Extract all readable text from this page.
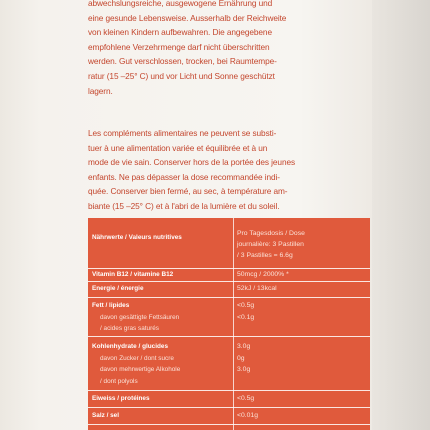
abwechslungsreiche, ausgewogene Ernährung und
eine gesunde Lebensweise. Ausserhalb der Reichweite
von kleinen Kindern aufbewahren. Die angegebene
empfohlene Verzehrmenge darf nicht überschritten
werden. Gut verschlossen, trocken, bei Raumtempe-
ratur (15 –25° C) und vor Licht und Sonne geschützt
lagern.
Les compléments alimentaires ne peuvent se substi-
tuer à une alimentation variée et équilibrée et à un
mode de vie sain. Conserver hors de la portée des jeunes
enfants. Ne pas dépasser la dose recommandée indi-
quée. Conserver bien fermé, au sec, à température am-
biante (15 –25° C) et à l'abri de la lumière et du soleil.
Nährwerte / Valeurs nutritives
Pro Tagesdosis / Dose
journalière: 3 Pastillen
/ 3 Pastilles = 6.6g
Vitamin B12 / vitamine B12	50mcg / 2000% *
Energie / énergie	52kJ / 13kcal
Fett / lipides	<0.5g
davon gesättigte Fettsäuren	<0.1g
/ acides gras saturés
Kohlenhydrate / glucides	3.0g
davon Zucker / dont sucre	0g
davon mehrwertige Alkohole	3.0g
/ dont polyols
Eiweiss / protéines	<0.5g
Salz / sel	<0.01g
